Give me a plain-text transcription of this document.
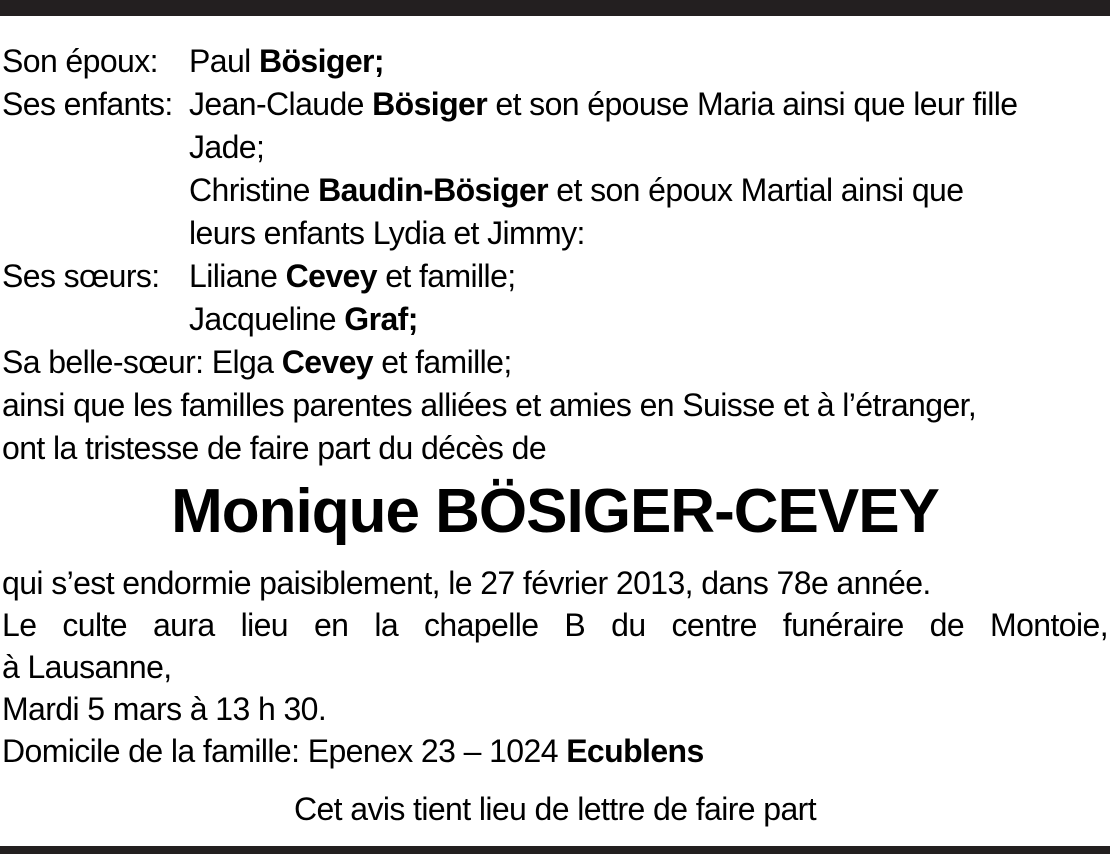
Son époux: Paul Bösiger;
Ses enfants: Jean-Claude Bösiger et son épouse Maria ainsi que leur fille
Jade;
Christine Baudin-Bösiger et son époux Martial ainsi que
leurs enfants Lydia et Jimmy:
Ses sœurs: Liliane Cevey et famille;
Jacqueline Graf;
Sa belle-sœur: Elga Cevey et famille;
ainsi que les familles parentes alliées et amies en Suisse et à l’étranger,
ont la tristesse de faire part du décès de
Monique BÖSIGER-CEVEY
qui s’est endormie paisiblement, le 27 février 2013, dans 78e année.
Le culte aura lieu en la chapelle B du centre funéraire de Montoie,
à Lausanne,
Mardi 5 mars à 13 h 30.
Domicile de la famille: Epenex 23 – 1024 Ecublens
Cet avis tient lieu de lettre de faire part
